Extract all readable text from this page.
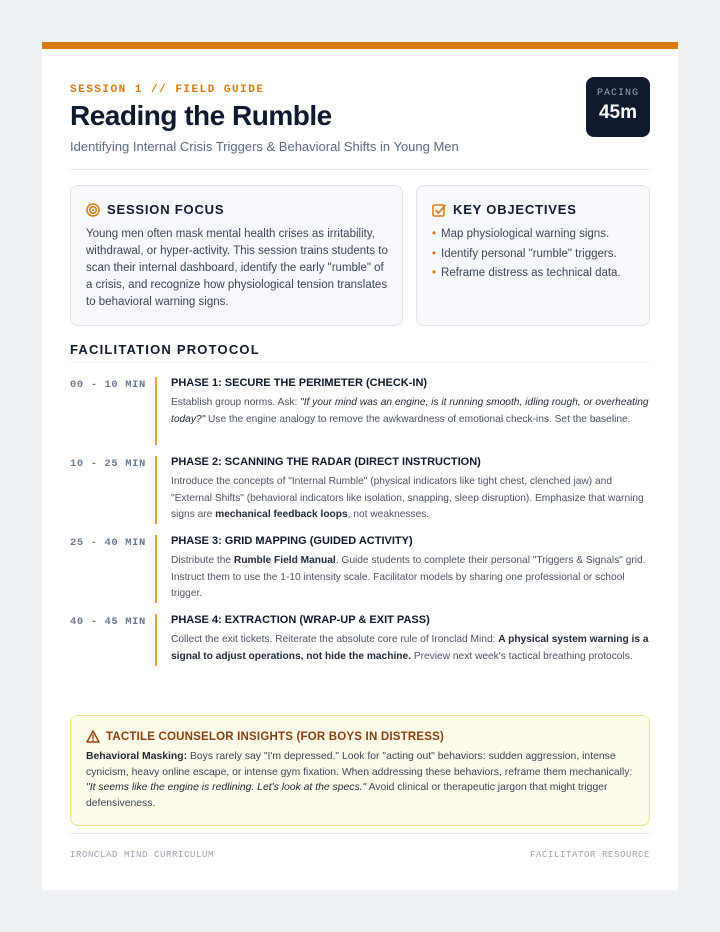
SESSION 1 // FIELD GUIDE
Reading the Rumble
Identifying Internal Crisis Triggers & Behavioral Shifts in Young Men
PACING
45m
SESSION FOCUS

Young men often mask mental health crises as irritability, withdrawal, or hyper-activity. This session trains students to scan their internal dashboard, identify the early "rumble" of a crisis, and recognize how physiological tension translates to behavioral warning signs.

KEY OBJECTIVES
• Map physiological warning signs.
• Identify personal "rumble" triggers.
• Reframe distress as technical data.
FACILITATION PROTOCOL
00 - 10 MIN PHASE 1: SECURE THE PERIMETER (CHECK-IN)

Establish group norms. Ask: "If your mind was an engine, is it running smooth, idling rough, or overheating today?" Use the engine analogy to remove the awkwardness of emotional check-ins. Set the baseline.

10 - 25 MIN PHASE 2: SCANNING THE RADAR (DIRECT INSTRUCTION)

Introduce the concepts of "Internal Rumble" (physical indicators like tight chest, clenched jaw) and "External Shifts" (behavioral indicators like isolation, snapping, sleep disruption). Emphasize that warning signs are mechanical feedback loops, not weaknesses.

25 - 40 MIN PHASE 3: GRID MAPPING (GUIDED ACTIVITY)

Distribute the Rumble Field Manual. Guide students to complete their personal "Triggers & Signals" grid. Instruct them to use the 1-10 intensity scale. Facilitator models by sharing one professional or school trigger.

40 - 45 MIN PHASE 4: EXTRACTION (WRAP-UP & EXIT PASS)

Collect the exit tickets. Reiterate the absolute core rule of Ironclad Mind: A physical system warning is a signal to adjust operations, not hide the machine. Preview next week's tactical breathing protocols.

TACTILE COUNSELOR INSIGHTS (FOR BOYS IN DISTRESS)

Behavioral Masking: Boys rarely say "I'm depressed." Look for "acting out" behaviors: sudden aggression, intense cynicism, heavy online escape, or intense gym fixation. When addressing these behaviors, reframe them mechanically: "It seems like the engine is redlining. Let's look at the specs." Avoid clinical or therapeutic jargon that might trigger defensiveness.

IRONCLAD MIND CURRICULUM	FACILITATOR RESOURCE
